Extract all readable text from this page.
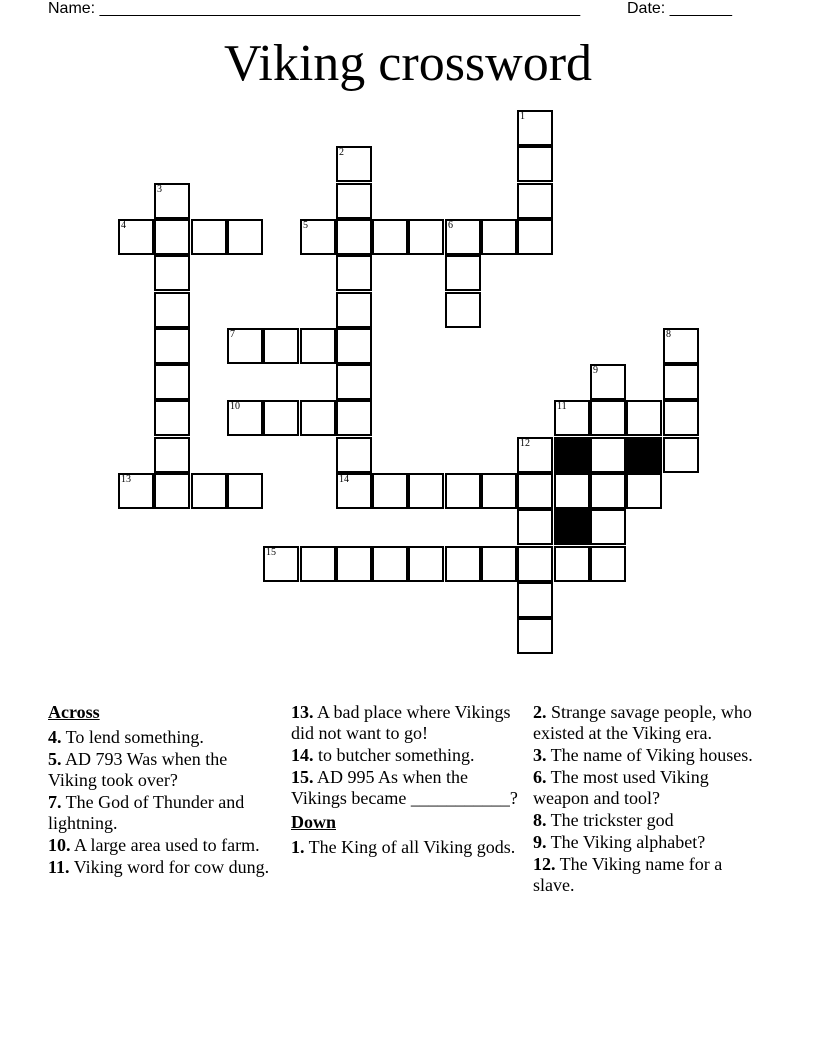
Name: ______________________________________________________	Date: _______
Viking crossword
1
2
14
3
4	5	6
7	8
9
10	11
12
13
15
Across
4. To lend something.
5. AD 793 Was when the Viking took over?
7. The God of Thunder and lightning.
10. A large area used to farm.
11. Viking word for cow dung.
13. A bad place where Vikings did not want to go!
14. to butcher something.
15. AD 995 As when the Vikings became ___________?
Down
1. The King of all Viking gods.
2. Strange savage people, who existed at the Viking era.
3. The name of Viking houses.
6. The most used Viking weapon and tool?
8. The trickster god
9. The Viking alphabet?
12. The Viking name for a slave.
